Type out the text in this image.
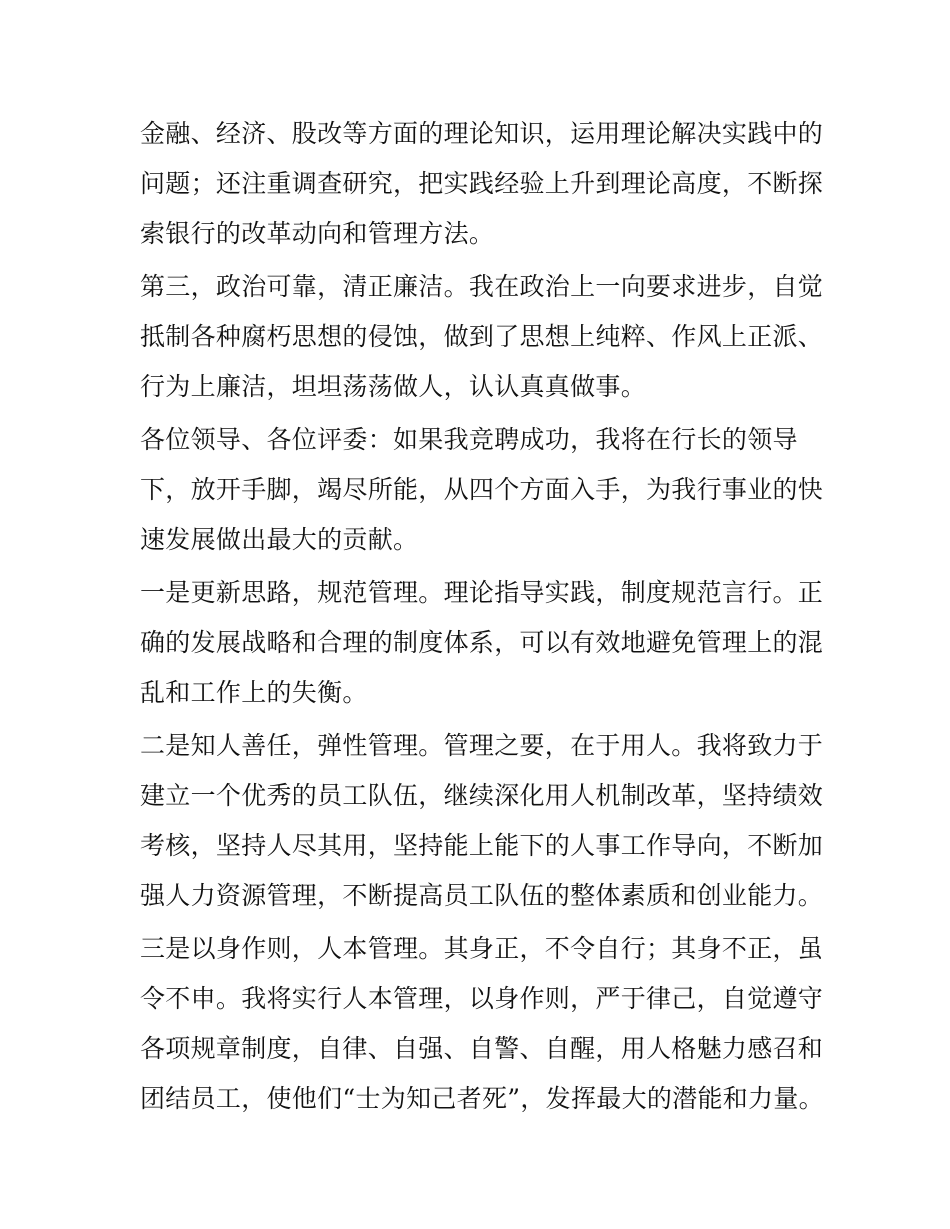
金融、经济、股改等方面的理论知识，运用理论解决实践中的
问题；还注重调查研究，把实践经验上升到理论高度，不断探
索银行的改革动向和管理方法。
第三，政治可靠，清正廉洁。我在政治上一向要求进步，自觉
抵制各种腐朽思想的侵蚀，做到了思想上纯粹、作风上正派、
行为上廉洁，坦坦荡荡做人，认认真真做事。
各位领导、各位评委：如果我竞聘成功，我将在行长的领导
下，放开手脚，竭尽所能，从四个方面入手，为我行事业的快
速发展做出最大的贡献。
一是更新思路，规范管理。理论指导实践，制度规范言行。正
确的发展战略和合理的制度体系，可以有效地避免管理上的混
乱和工作上的失衡。
二是知人善任，弹性管理。管理之要，在于用人。我将致力于
建立一个优秀的员工队伍，继续深化用人机制改革，坚持绩效
考核，坚持人尽其用，坚持能上能下的人事工作导向，不断加
强人力资源管理，不断提高员工队伍的整体素质和创业能力。
三是以身作则，人本管理。其身正，不令自行；其身不正，虽
令不申。我将实行人本管理，以身作则，严于律己，自觉遵守
各项规章制度，自律、自强、自警、自醒，用人格魅力感召和
团结员工，使他们“士为知己者死”，发挥最大的潜能和力量。
